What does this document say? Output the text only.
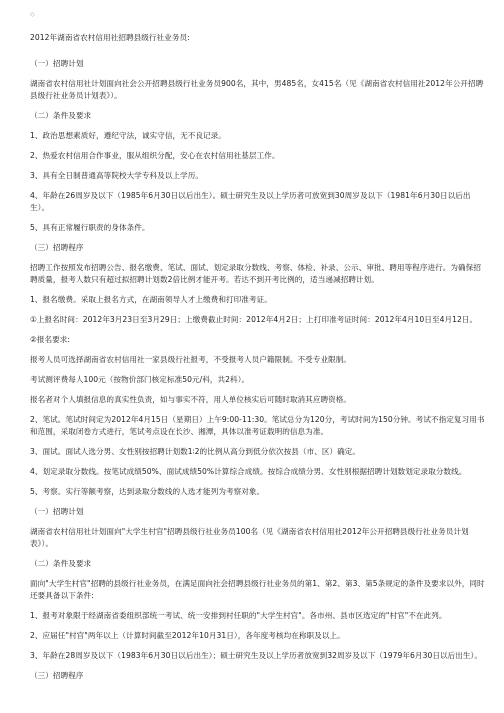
◇
2012年湖南省农村信用社招聘县级行社业务员:
（一）招聘计划
湖南省农村信用社计划面向社会公开招聘县级行社业务员900名，其中，男485名，女415名（见《湖南省农村信用社2012年公开招聘县级行社业务员计划表》）。
（二）条件及要求
1、政治思想素质好，遵纪守法，诚实守信，无不良记录。
2、热爱农村信用合作事业，服从组织分配，安心在农村信用社基层工作。
3、具有全日制普通高等院校大学专科及以上学历。
4、年龄在26周岁及以下（1985年6月30日以后出生）。硕士研究生及以上学历者可放宽到30周岁及以下（1981年6月30日以后出生）。
5、具有正常履行职责的身体条件。
（三）招聘程序
招聘工作按照发布招聘公告、报名缴费、笔试、面试、划定录取分数线、考察、体检、补录、公示、审批、聘用等程序进行。为确保招聘质量，报考人数只有超过拟招聘计划数2倍比例才能开考。若达不到开考比例的，适当递减招聘计划。
1、报名缴费。采取上报名方式，在湖南领导人才上缴费和打印准考证。
①上报名时间：2012年3月23日至3月29日；上缴费截止时间：2012年4月2日；上打印准考证时间：2012年4月10日至4月12日。
②报名要求:
报考人员可选择湖南省农村信用社一家县级行社报考，不受报考人员户籍限制。不受专业限制。
考试测评费每人100元（按物价部门核定标准50元/科，共2科）。
报名者对个人填报信息的真实性负责，如与事实不符，用人单位核实后可随时取消其应聘资格。
2、笔试。笔试时间定为2012年4月15日（星期日）上午9:00-11:30。笔试总分为120分，考试时间为150分钟。考试不指定复习用书和范围，采取闭卷方式进行，笔试考点设在长沙、湘潭，具体以准考证载明的信息为准。
3、面试。面试人选分男、女性别按招聘计划数1∶2的比例从高分到低分依次按县（市、区）确定。
4、划定录取分数线。按笔试成绩50%、面试成绩50%计算综合成绩。按综合成绩分男、女性别根据招聘计划数划定录取分数线。
5、考察。实行等额考察，达到录取分数线的人选才能列为考察对象。
（一）招聘计划
湖南省农村信用社计划面向"大学生村官"招聘县级行社业务员100名（见《湖南省农村信用社2012年公开招聘县级行社业务员计划表》）。
（二）条件及要求
面向"大学生村官"招聘的县级行社业务员，在满足面向社会招聘县级行社业务员的第1、第2、第3、第5条规定的条件及要求以外，同时还要具备以下条件:
1、报考对象限于经湖南省委组织部统一考试、统一安排到村任职的"大学生村官"。各市州、县市区选定的"村官"不在此列。
2、应届任"村官"两年以上（计算时间截至2012年10月31日），各年度考核均在称职及以上。
3、年龄在28周岁及以下（1983年6月30日以后出生）；硕士研究生及以上学历者放宽到32周岁及以下（1979年6月30日以后出生）。
（三）招聘程序
